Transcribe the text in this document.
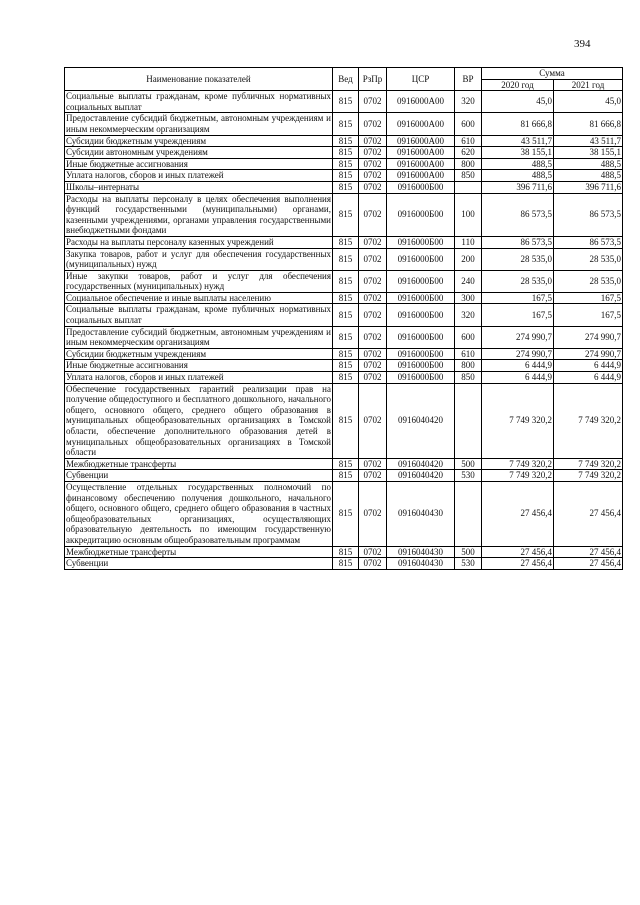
394
Наименование показателей	Вед	РзПр	ЦСР	ВР	Сумма	
					2020 год	2021 год
Социальные выплаты гражданам, кроме публичных нормативных социальных выплат	815	0702	0916000А00	320	45,0	45,0
Предоставление субсидий бюджетным, автономным учреждениям и иным некоммерческим организациям	815	0702	0916000А00	600	81 666,8	81 666,8
Субсидии бюджетным учреждениям	815	0702	0916000А00	610	43 511,7	43 511,7
Субсидии автономным учреждениям	815	0702	0916000А00	620	38 155,1	38 155,1
Иные бюджетные ассигнования	815	0702	0916000А00	800	488,5	488,5
Уплата налогов, сборов и иных платежей	815	0702	0916000А00	850	488,5	488,5
Школы–интернаты	815	0702	0916000Б00		396 711,6	396 711,6
Расходы на выплаты персоналу в целях обеспечения выполнения функций государственными (муниципальными) органами, казенными учреждениями, органами управления государственными внебюджетными фондами	815	0702	0916000Б00	100	86 573,5	86 573,5
Расходы на выплаты персоналу казенных учреждений	815	0702	0916000Б00	110	86 573,5	86 573,5
Закупка товаров, работ и услуг для обеспечения государственных (муниципальных) нужд	815	0702	0916000Б00	200	28 535,0	28 535,0
Иные закупки товаров, работ и услуг для обеспечения государственных (муниципальных) нужд	815	0702	0916000Б00	240	28 535,0	28 535,0
Социальное обеспечение и иные выплаты населению	815	0702	0916000Б00	300	167,5	167,5
Социальные выплаты гражданам, кроме публичных нормативных социальных выплат	815	0702	0916000Б00	320	167,5	167,5
Предоставление субсидий бюджетным, автономным учреждениям и иным некоммерческим организациям	815	0702	0916000Б00	600	274 990,7	274 990,7
Субсидии бюджетным учреждениям	815	0702	0916000Б00	610	274 990,7	274 990,7
Иные бюджетные ассигнования	815	0702	0916000Б00	800	6 444,9	6 444,9
Уплата налогов, сборов и иных платежей	815	0702	0916000Б00	850	6 444,9	6 444,9
Обеспечение государственных гарантий реализации прав на получение общедоступного и бесплатного дошкольного, начального общего, основного общего, среднего общего образования в муниципальных общеобразовательных организациях в Томской области, обеспечение дополнительного образования детей в муниципальных общеобразовательных организациях в Томской области	815	0702	0916040420		7 749 320,2	7 749 320,2
Межбюджетные трансферты	815	0702	0916040420	500	7 749 320,2	7 749 320,2
Субвенции	815	0702	0916040420	530	7 749 320,2	7 749 320,2
Осуществление отдельных государственных полномочий по финансовому обеспечению получения дошкольного, начального общего, основного общего, среднего общего образования в частных общеобразовательных организациях, осуществляющих образовательную деятельность по имеющим государственную аккредитацию основным общеобразовательным программам	815	0702	0916040430		27 456,4	27 456,4
Межбюджетные трансферты	815	0702	0916040430	500	27 456,4	27 456,4
Субвенции	815	0702	0916040430	530	27 456,4	27 456,4
